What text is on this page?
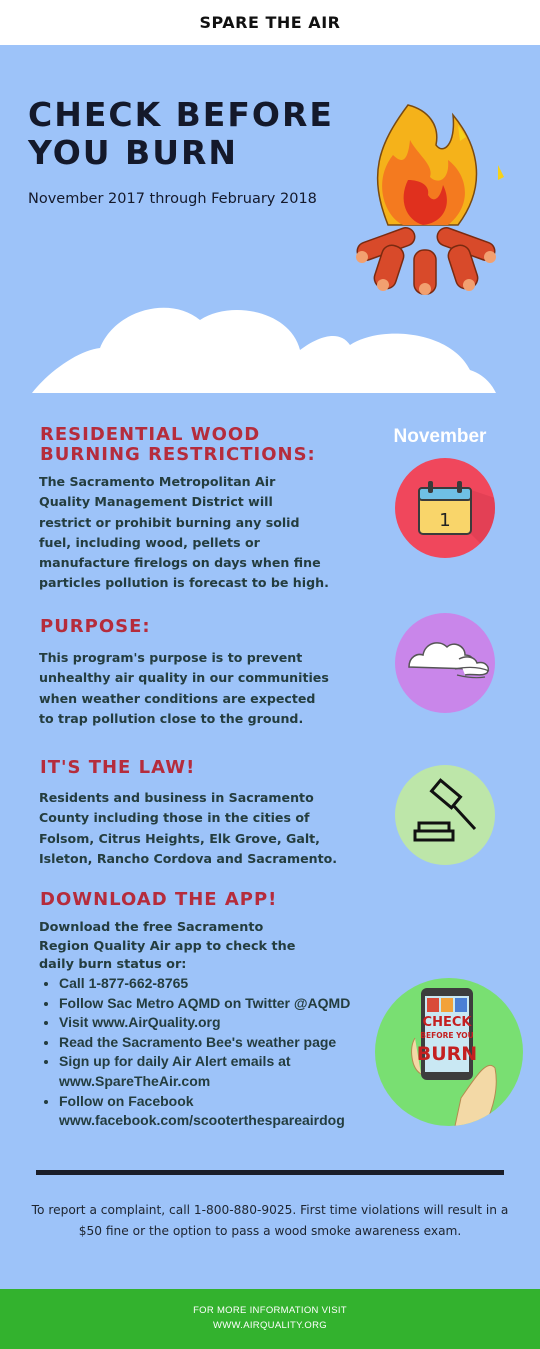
SPARE THE AIR
CHECK BEFORE YOU BURN
November 2017 through February 2018
RESIDENTIAL WOOD BURNING RESTRICTIONS:

The Sacramento Metropolitan Air Quality Management District will restrict or prohibit burning any solid fuel, including wood, pellets or manufacture firelogs on days when fine particles pollution is forecast to be high.

November
1
PURPOSE:

This program's purpose is to prevent unhealthy air quality in our communities when weather conditions are expected to trap pollution close to the ground.

IT'S THE LAW!

Residents and business in Sacramento County including those in the cities of Folsom, Citrus Heights, Elk Grove, Galt, Isleton, Rancho Cordova and Sacramento.

DOWNLOAD THE APP!

Download the free Sacramento Region Quality Air app to check the daily burn status or:

• Call 1-877-662-8765
• Follow Sac Metro AQMD on Twitter @AQMD
• Visit www.AirQuality.org
• Read the Sacramento Bee's weather page
• Sign up for daily Air Alert emails at www.SpareTheAir.com
• Follow on Facebook www.facebook.com/scooterthespareairdog
CHECK
BEFORE YOU
BURN

To report a complaint, call 1-800-880-9025. First time violations will result in a $50 fine or the option to pass a wood smoke awareness exam.

FOR MORE INFORMATION VISIT
WWW.AIRQUALITY.ORG
